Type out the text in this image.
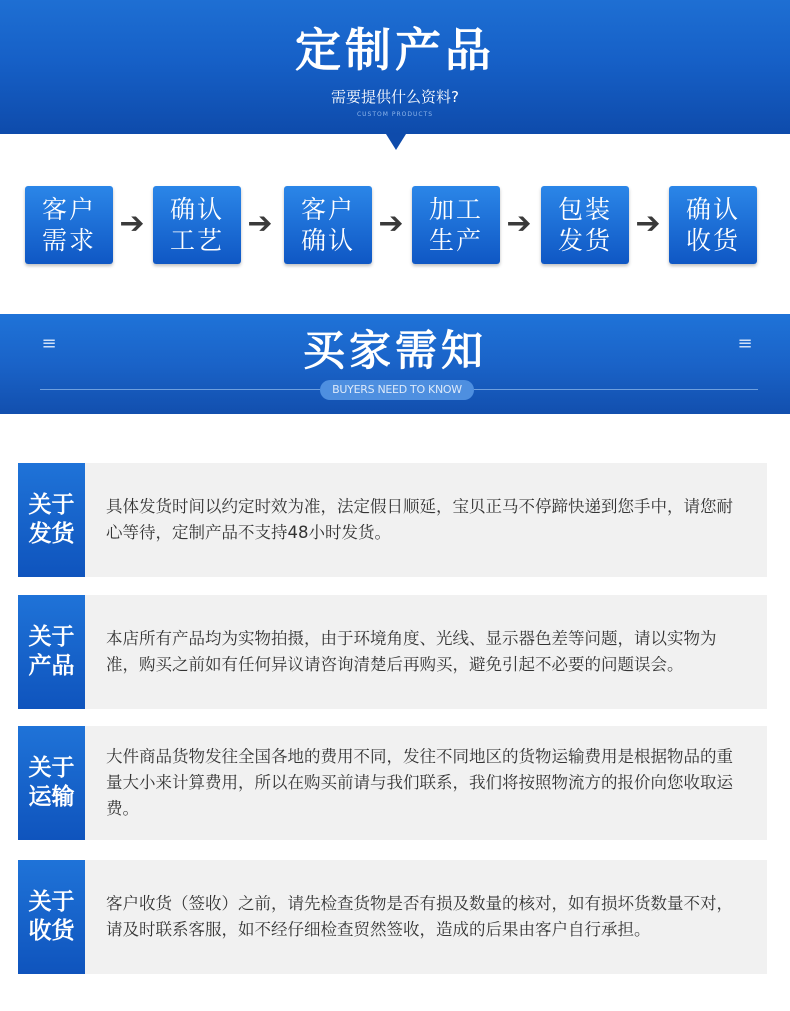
定制产品
需要提供什么资料?
CUSTOM PRODUCTS
客户需求 ➔ 确认工艺 ➔ 客户确认 ➔ 加工生产 ➔ 包装发货 ➔ 确认收货
≡	≡
买家需知
BUYERS NEED TO KNOW
关于发货
具体发货时间以约定时效为准，法定假日顺延，宝贝正马不停蹄快递到您手中，请您耐心等待，定制产品不支持48小时发货。
关于产品
本店所有产品均为实物拍摄，由于环境角度、光线、显示器色差等问题，请以实物为准，购买之前如有任何异议请咨询清楚后再购买，避免引起不必要的问题误会。
关于运输
大件商品货物发往全国各地的费用不同，发往不同地区的货物运输费用是根据物品的重量大小来计算费用，所以在购买前请与我们联系，我们将按照物流方的报价向您收取运费。
关于收货
客户收货（签收）之前，请先检查货物是否有损及数量的核对，如有损坏货数量不对，请及时联系客服，如不经仔细检查贸然签收，造成的后果由客户自行承担。
